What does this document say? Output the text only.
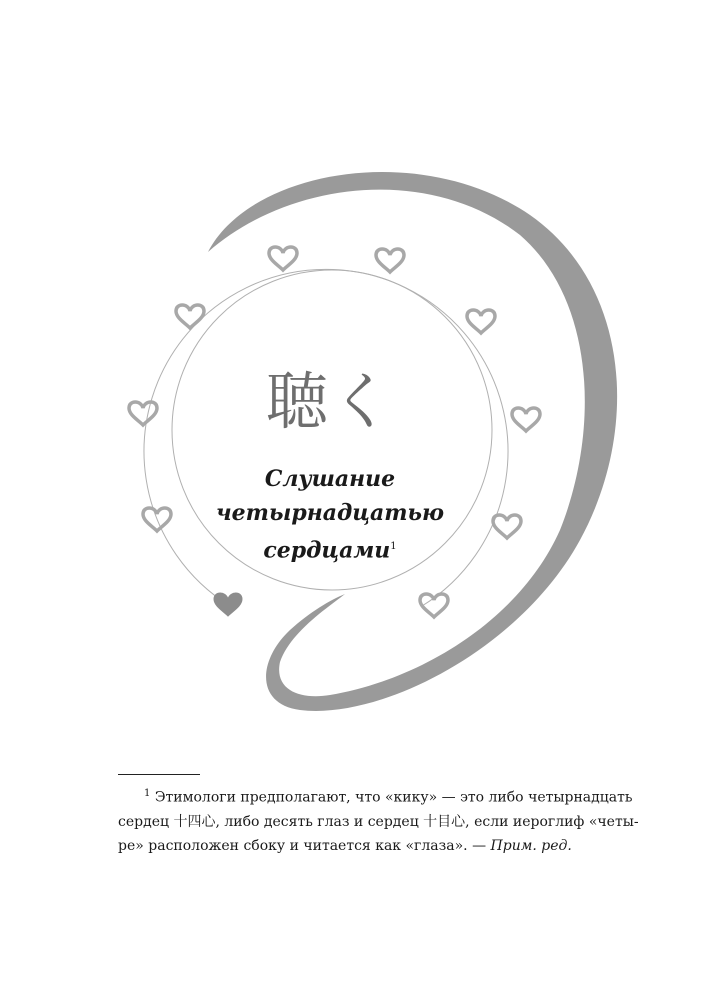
聴く
Слушание
четырнадцатью
сердцами$^1$
$^1$ Этимологи предполагают, что «кику» — это либо четырнадцать
сердец 十四心, либо десять глаз и сердец 十目心, если иероглиф «четы-
ре» расположен сбоку и читается как «глаза». — Прим. ред.
